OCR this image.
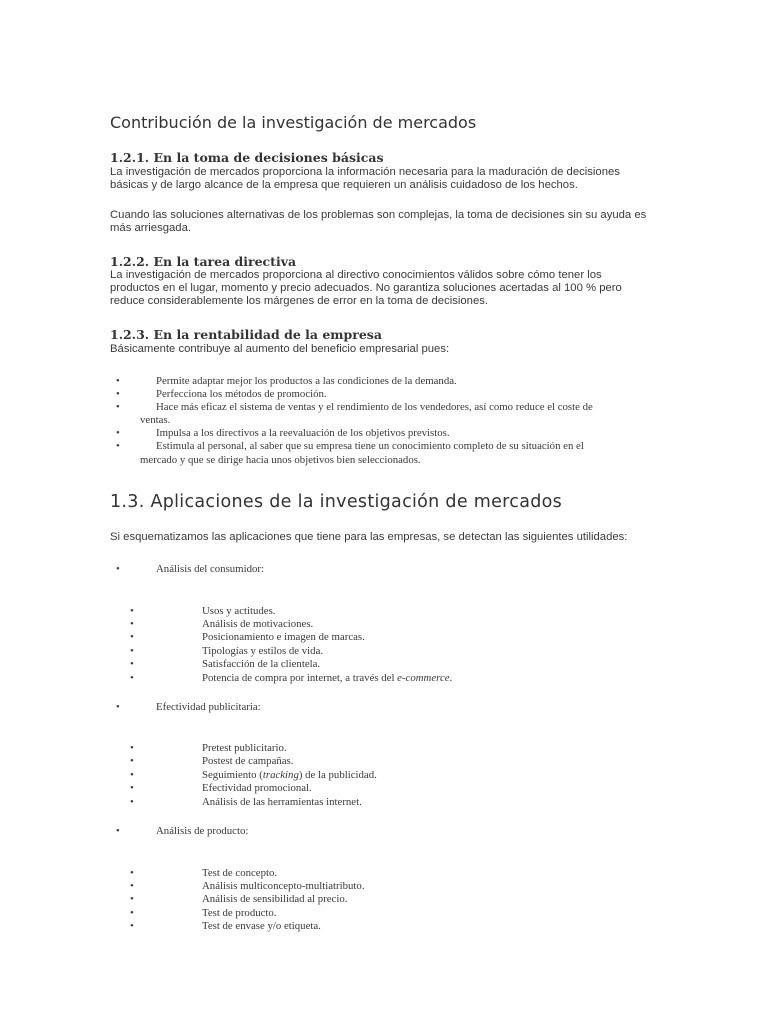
Contribución de la investigación de mercados
1.2.1. En la toma de decisiones básicas
La investigación de mercados proporciona la información necesaria para la maduración de decisiones básicas y de largo alcance de la empresa que requieren un análisis cuidadoso de los hechos.
Cuando las soluciones alternativas de los problemas son complejas, la toma de decisiones sin su ayuda es más arriesgada.
1.2.2. En la tarea directiva
La investigación de mercados proporciona al directivo conocimientos válidos sobre cómo tener los productos en el lugar, momento y precio adecuados. No garantiza soluciones acertadas al 100 % pero reduce considerablemente los márgenes de error en la toma de decisiones.
1.2.3. En la rentabilidad de la empresa
Básicamente contribuye al aumento del beneficio empresarial pues:
•	Permite adaptar mejor los productos a las condiciones de la demanda.
•	Perfecciona los métodos de promoción.
•	Hace más eficaz el sistema de ventas y el rendimiento de los vendedores, así como reduce el coste de
ventas.
•	Impulsa a los directivos a la reevaluación de los objetivos previstos.
•	Estimula al personal, al saber que su empresa tiene un conocimiento completo de su situación en el
mercado y que se dirige hacia unos objetivos bien seleccionados.
1.3. Aplicaciones de la investigación de mercados
Si esquematizamos las aplicaciones que tiene para las empresas, se detectan las siguientes utilidades:
•	Análisis del consumidor:
•	Usos y actitudes.
•	Análisis de motivaciones.
•	Posicionamiento e imagen de marcas.
•	Tipologías y estilos de vida.
•	Satisfacción de la clientela.
•	Potencia de compra por internet, a través del e-commerce.
•	Efectividad publicitaria:
•	Pretest publicitario.
•	Postest de campañas.
•	Seguimiento (tracking) de la publicidad.
•	Efectividad promocional.
•	Análisis de las herramientas internet.
•	Análisis de producto:
•	Test de concepto.
•	Análisis multiconcepto-multiatributo.
•	Análisis de sensibilidad al precio.
•	Test de producto.
•	Test de envase y/o etiqueta.
